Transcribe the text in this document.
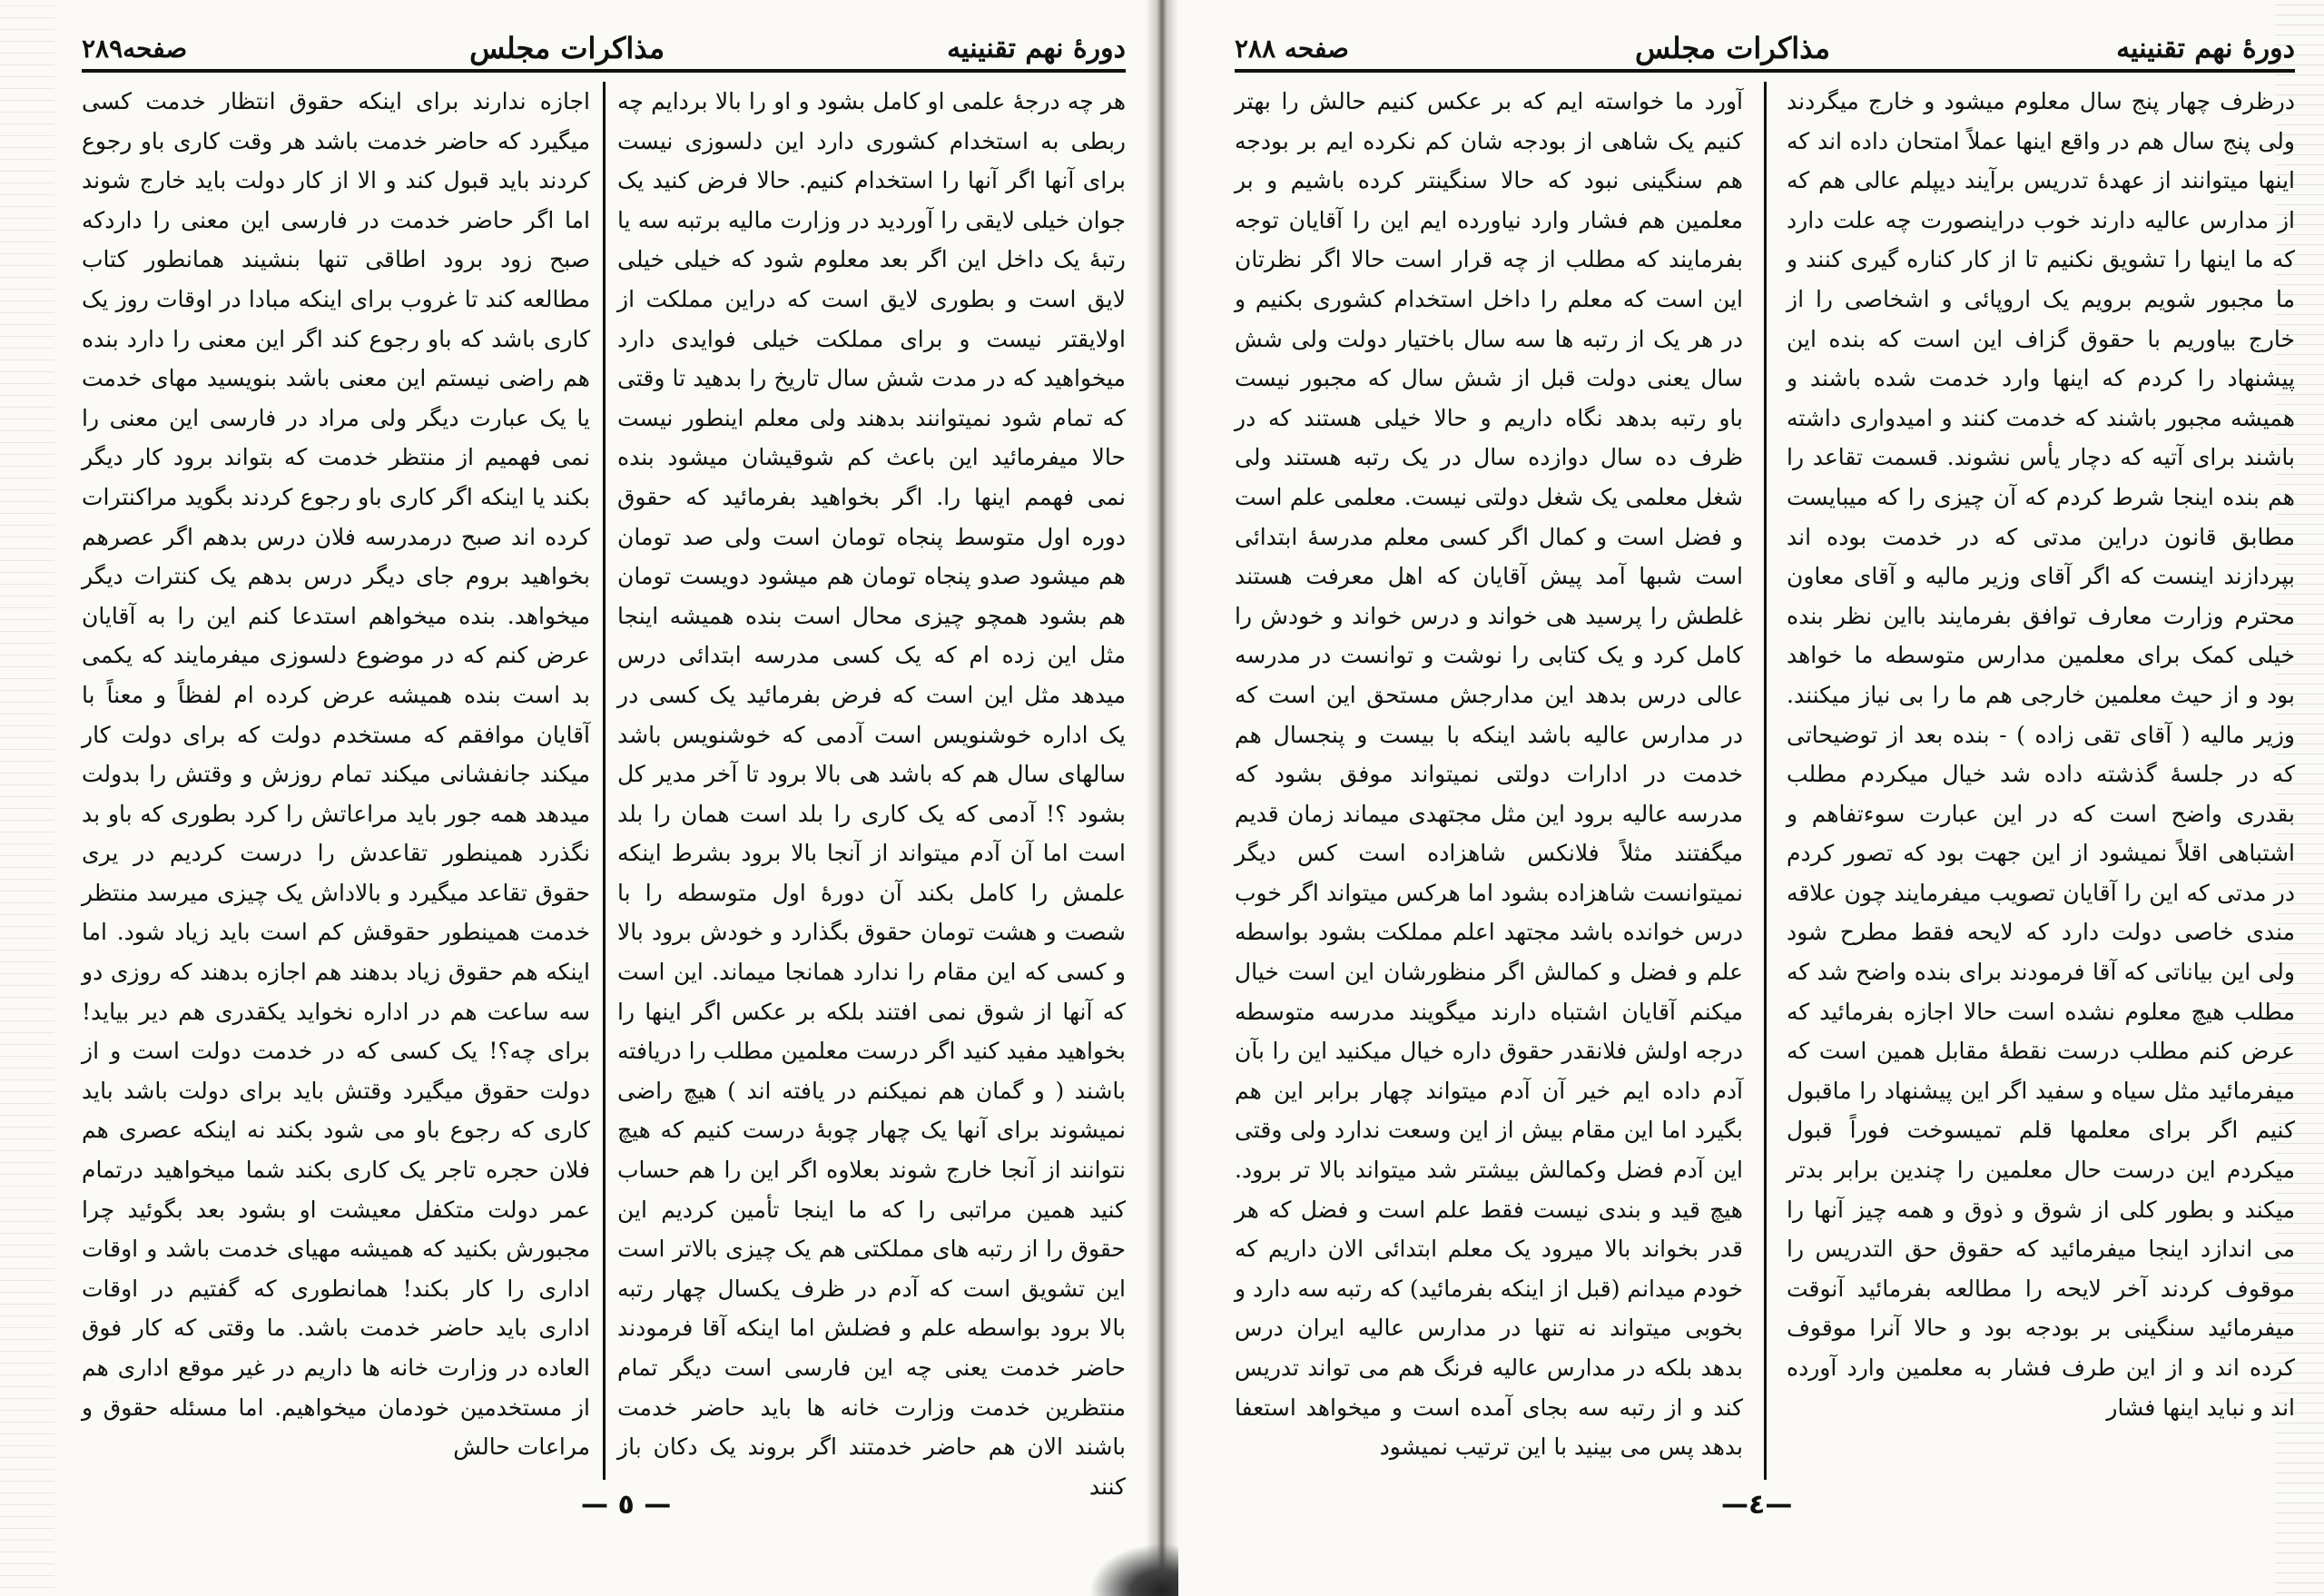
دورهٔ نهم تقنینیه
مذاکرات مجلس
صفحه۲۸۹

هر چه درجهٔ علمی او کامل بشود و او را بالا بردایم چه ربطی به استخدام کشوری دارد این دلسوزی نیست برای آنها اگر آنها را استخدام کنیم. حالا فرض کنید یک جوان خیلی لایقی را آوردید در وزارت مالیه برتبه سه یا رتبهٔ یک داخل این اگر بعد معلوم شود که خیلی خیلی لایق است و بطوری لایق است که دراین مملکت از اولایقتر نیست و برای مملکت خیلی فوایدی دارد میخواهید که در مدت شش سال تاریخ را بدهید تا وقتی که تمام شود نمیتوانند بدهند ولی معلم اینطور نیست حالا میفرمائید این باعث کم شوقیشان میشود بنده نمی فهمم اینها را. اگر بخواهید بفرمائید که حقوق دوره اول متوسط پنجاه تومان است ولی صد تومان هم میشود صدو پنجاه تومان هم میشود دویست تومان هم بشود همچو چیزی محال است بنده همیشه اینجا مثل این زده ام که یک کسی مدرسه ابتدائی درس میدهد مثل این است که فرض بفرمائید یک کسی در یک اداره خوشنویس است آدمی که خوشنویس باشد سالهای سال هم که باشد هی بالا برود تا آخر مدیر کل بشود ؟! آدمی که یک کاری را بلد است همان را بلد است اما آن آدم میتواند از آنجا بالا برود بشرط اینکه علمش را کامل بکند آن دورهٔ اول متوسطه را با شصت و هشت تومان حقوق بگذارد و خودش برود بالا و کسی که این مقام را ندارد همانجا میماند. این است که آنها از شوق نمی افتند بلکه بر عکس اگر اینها را بخواهید مفید کنید اگر درست معلمین مطلب را دریافته باشند ( و گمان هم نمیکنم در یافته اند ) هیچ راضی نمیشوند برای آنها یک چهار چوبهٔ درست کنیم که هیچ نتوانند از آنجا خارج شوند بعلاوه اگر این را هم حساب کنید همین مراتبی را که ما اینجا تأمین کردیم این حقوق را از رتبه های مملکتی هم یک چیزی بالاتر است این تشویق است که آدم در ظرف یکسال چهار رتبه بالا برود بواسطه علم و فضلش اما اینکه آقا فرمودند حاضر خدمت یعنی چه این فارسی است دیگر تمام منتظرین خدمت وزارت خانه ها باید حاضر خدمت باشند الان هم حاضر خدمتند اگر بروند یک دکان باز کنند

اجازه ندارند برای اینکه حقوق انتظار خدمت کسی میگیرد که حاضر خدمت باشد هر وقت کاری باو رجوع کردند باید قبول کند و الا از کار دولت باید خارج شوند اما اگر حاضر خدمت در فارسی این معنی را داردکه صبح زود برود اطاقی تنها بنشیند همانطور کتاب مطالعه کند تا غروب برای اینکه مبادا در اوقات روز یک کاری باشد که باو رجوع کند اگر این معنی را دارد بنده هم راضی نیستم این معنی باشد بنویسید مهای خدمت یا یک عبارت دیگر ولی مراد در فارسی این معنی را نمی فهمیم از منتظر خدمت که بتواند برود کار دیگر بکند یا اینکه اگر کاری باو رجوع کردند بگوید مراکنترات کرده اند صبح درمدرسه فلان درس بدهم اگر عصرهم بخواهید بروم جای دیگر درس بدهم یک کنترات دیگر میخواهد. بنده میخواهم استدعا کنم این را به آقایان عرض کنم که در موضوع دلسوزی میفرمایند که یکمی بد است بنده همیشه عرض کرده ام لفظاً و معناً با آقایان موافقم که مستخدم دولت که برای دولت کار میکند جانفشانی میکند تمام روزش و وقتش را بدولت میدهد همه جور باید مراعاتش را کرد بطوری که باو بد نگذرد همینطور تقاعدش را درست کردیم در یری حقوق تقاعد میگیرد و بالاداش یک چیزی میرسد منتظر خدمت همینطور حقوقش کم است باید زیاد شود. اما اینکه هم حقوق زیاد بدهند هم اجازه بدهند که روزی دو سه ساعت هم در اداره نخواید یکقدری هم دیر بیاید! برای چه؟! یک کسی که در خدمت دولت است و از دولت حقوق میگیرد وقتش باید برای دولت باشد باید کاری که رجوع باو می شود بکند نه اینکه عصری هم فلان حجره تاجر یک کاری بکند شما میخواهید درتمام عمر دولت متکفل معیشت او بشود بعد بگوئید چرا مجبورش بکنید که همیشه مهیای خدمت باشد و اوقات اداری را کار بکند! همانطوری که گفتیم در اوقات اداری باید حاضر خدمت باشد. ما وقتی که کار فوق العاده در وزارت خانه ها داریم در غیر موقع اداری هم از مستخدمین خودمان میخواهیم. اما مسئله حقوق و مراعات حالش

— ٥ —
دورهٔ نهم تقنینیه
مذاکرات مجلس
صفحه ۲۸۸

درظرف چهار پنج سال معلوم میشود و خارج میگردند ولی پنج سال هم در واقع اینها عملاً امتحان داده اند که اینها میتوانند از عهدهٔ تدریس برآیند دیپلم عالی هم که از مدارس عالیه دارند خوب دراینصورت چه علت دارد که ما اینها را تشویق نکنیم تا از کار کناره گیری کنند و ما مجبور شویم برویم یک اروپائی و اشخاصی را از خارج بیاوریم با حقوق گزاف این است که بنده این پیشنهاد را کردم که اینها وارد خدمت شده باشند و همیشه مجبور باشند که خدمت کنند و امیدواری داشته باشند برای آتیه که دچار یأس نشوند. قسمت تقاعد را هم بنده اینجا شرط کردم که آن چیزی را که میبایست مطابق قانون دراین مدتی که در خدمت بوده اند بپردازند اینست که اگر آقای وزیر مالیه و آقای معاون محترم وزارت معارف توافق بفرمایند بااین نظر بنده خیلی کمک برای معلمین مدارس متوسطه ما خواهد بود و از حیث معلمین خارجی هم ما را بی نیاز میکنند. وزیر مالیه ( آقای تقی زاده ) - بنده بعد از توضیحاتی که در جلسهٔ گذشته داده شد خیال میکردم مطلب بقدری واضح است که در این عبارت سوءتفاهم و اشتباهی اقلاً نمیشود از این جهت بود که تصور کردم در مدتی که این را آقایان تصویب میفرمایند چون علاقه مندی خاصی دولت دارد که لایحه فقط مطرح شود ولی این بیاناتی که آقا فرمودند برای بنده واضح شد که مطلب هیچ معلوم نشده است حالا اجازه بفرمائید که عرض کنم مطلب درست نقطهٔ مقابل همین است که میفرمائید مثل سیاه و سفید اگر این پیشنهاد را ماقبول کنیم اگر برای معلمها قلم تمیسوخت فوراً قبول میکردم این درست حال معلمین را چندین برابر بدتر میکند و بطور کلی از شوق و ذوق و همه چیز آنها را می اندازد اینجا میفرمائید که حقوق حق التدریس را موقوف کردند آخر لایحه را مطالعه بفرمائید آنوقت میفرمائید سنگینی بر بودجه بود و حالا آنرا موقوف کرده اند و از این طرف فشار به معلمین وارد آورده اند و نباید اینها فشار

آورد ما خواسته ایم که بر عکس کنیم حالش را بهتر کنیم یک شاهی از بودجه شان کم نکرده ایم بر بودجه هم سنگینی نبود که حالا سنگینتر کرده باشیم و بر معلمین هم فشار وارد نیاورده ایم این را آقایان توجه بفرمایند که مطلب از چه قرار است حالا اگر نظرتان این است که معلم را داخل استخدام کشوری بکنیم و در هر یک از رتبه ها سه سال باختیار دولت ولی شش سال یعنی دولت قبل از شش سال که مجبور نیست باو رتبه بدهد نگاه داریم و حالا خیلی هستند که در ظرف ده سال دوازده سال در یک رتبه هستند ولی شغل معلمی یک شغل دولتی نیست. معلمی علم است و فضل است و کمال اگر کسی معلم مدرسهٔ ابتدائی است شبها آمد پیش آقایان که اهل معرفت هستند غلطش را پرسید هی خواند و درس خواند و خودش را کامل کرد و یک کتابی را نوشت و توانست در مدرسه عالی درس بدهد این مدارجش مستحق این است که در مدارس عالیه باشد اینکه با بیست و پنجسال هم خدمت در ادارات دولتی نمیتواند موفق بشود که مدرسه عالیه برود این مثل مجتهدی میماند زمان قدیم میگفتند مثلاً فلانکس شاهزاده است کس دیگر نمیتوانست شاهزاده بشود اما هرکس میتواند اگر خوب درس خوانده باشد مجتهد اعلم مملکت بشود بواسطه علم و فضل و کمالش اگر منظورشان این است خیال میکنم آقایان اشتباه دارند میگویند مدرسه متوسطه درجه اولش فلانقدر حقوق داره خیال میکنید این را بآن آدم داده ایم خیر آن آدم میتواند چهار برابر این هم بگیرد اما این مقام بیش از این وسعت ندارد ولی وقتی این آدم فضل وکمالش بیشتر شد میتواند بالا تر برود. هیچ قید و بندی نیست فقط علم است و فضل که هر قدر بخواند بالا میرود یک معلم ابتدائی الان داریم که خودم میدانم (قبل از اینکه بفرمائید) که رتبه سه دارد و بخوبی میتواند نه تنها در مدارس عالیه ایران درس بدهد بلکه در مدارس عالیه فرنگ هم می تواند تدریس کند و از رتبه سه بجای آمده است و میخواهد استعفا بدهد پس می بینید با این ترتیب نمیشود

—٤—
